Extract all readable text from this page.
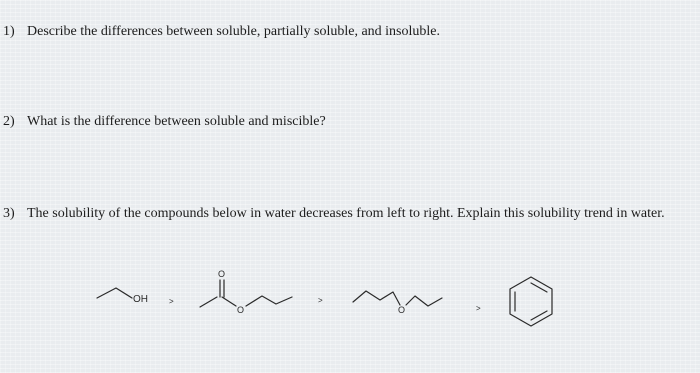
1) Describe the differences between soluble, partially soluble, and insoluble.
2) What is the difference between soluble and miscible?
3) The solubility of the compounds below in water decreases from left to right. Explain this solubility trend in water.
OH
O
O	O
>	>
>
